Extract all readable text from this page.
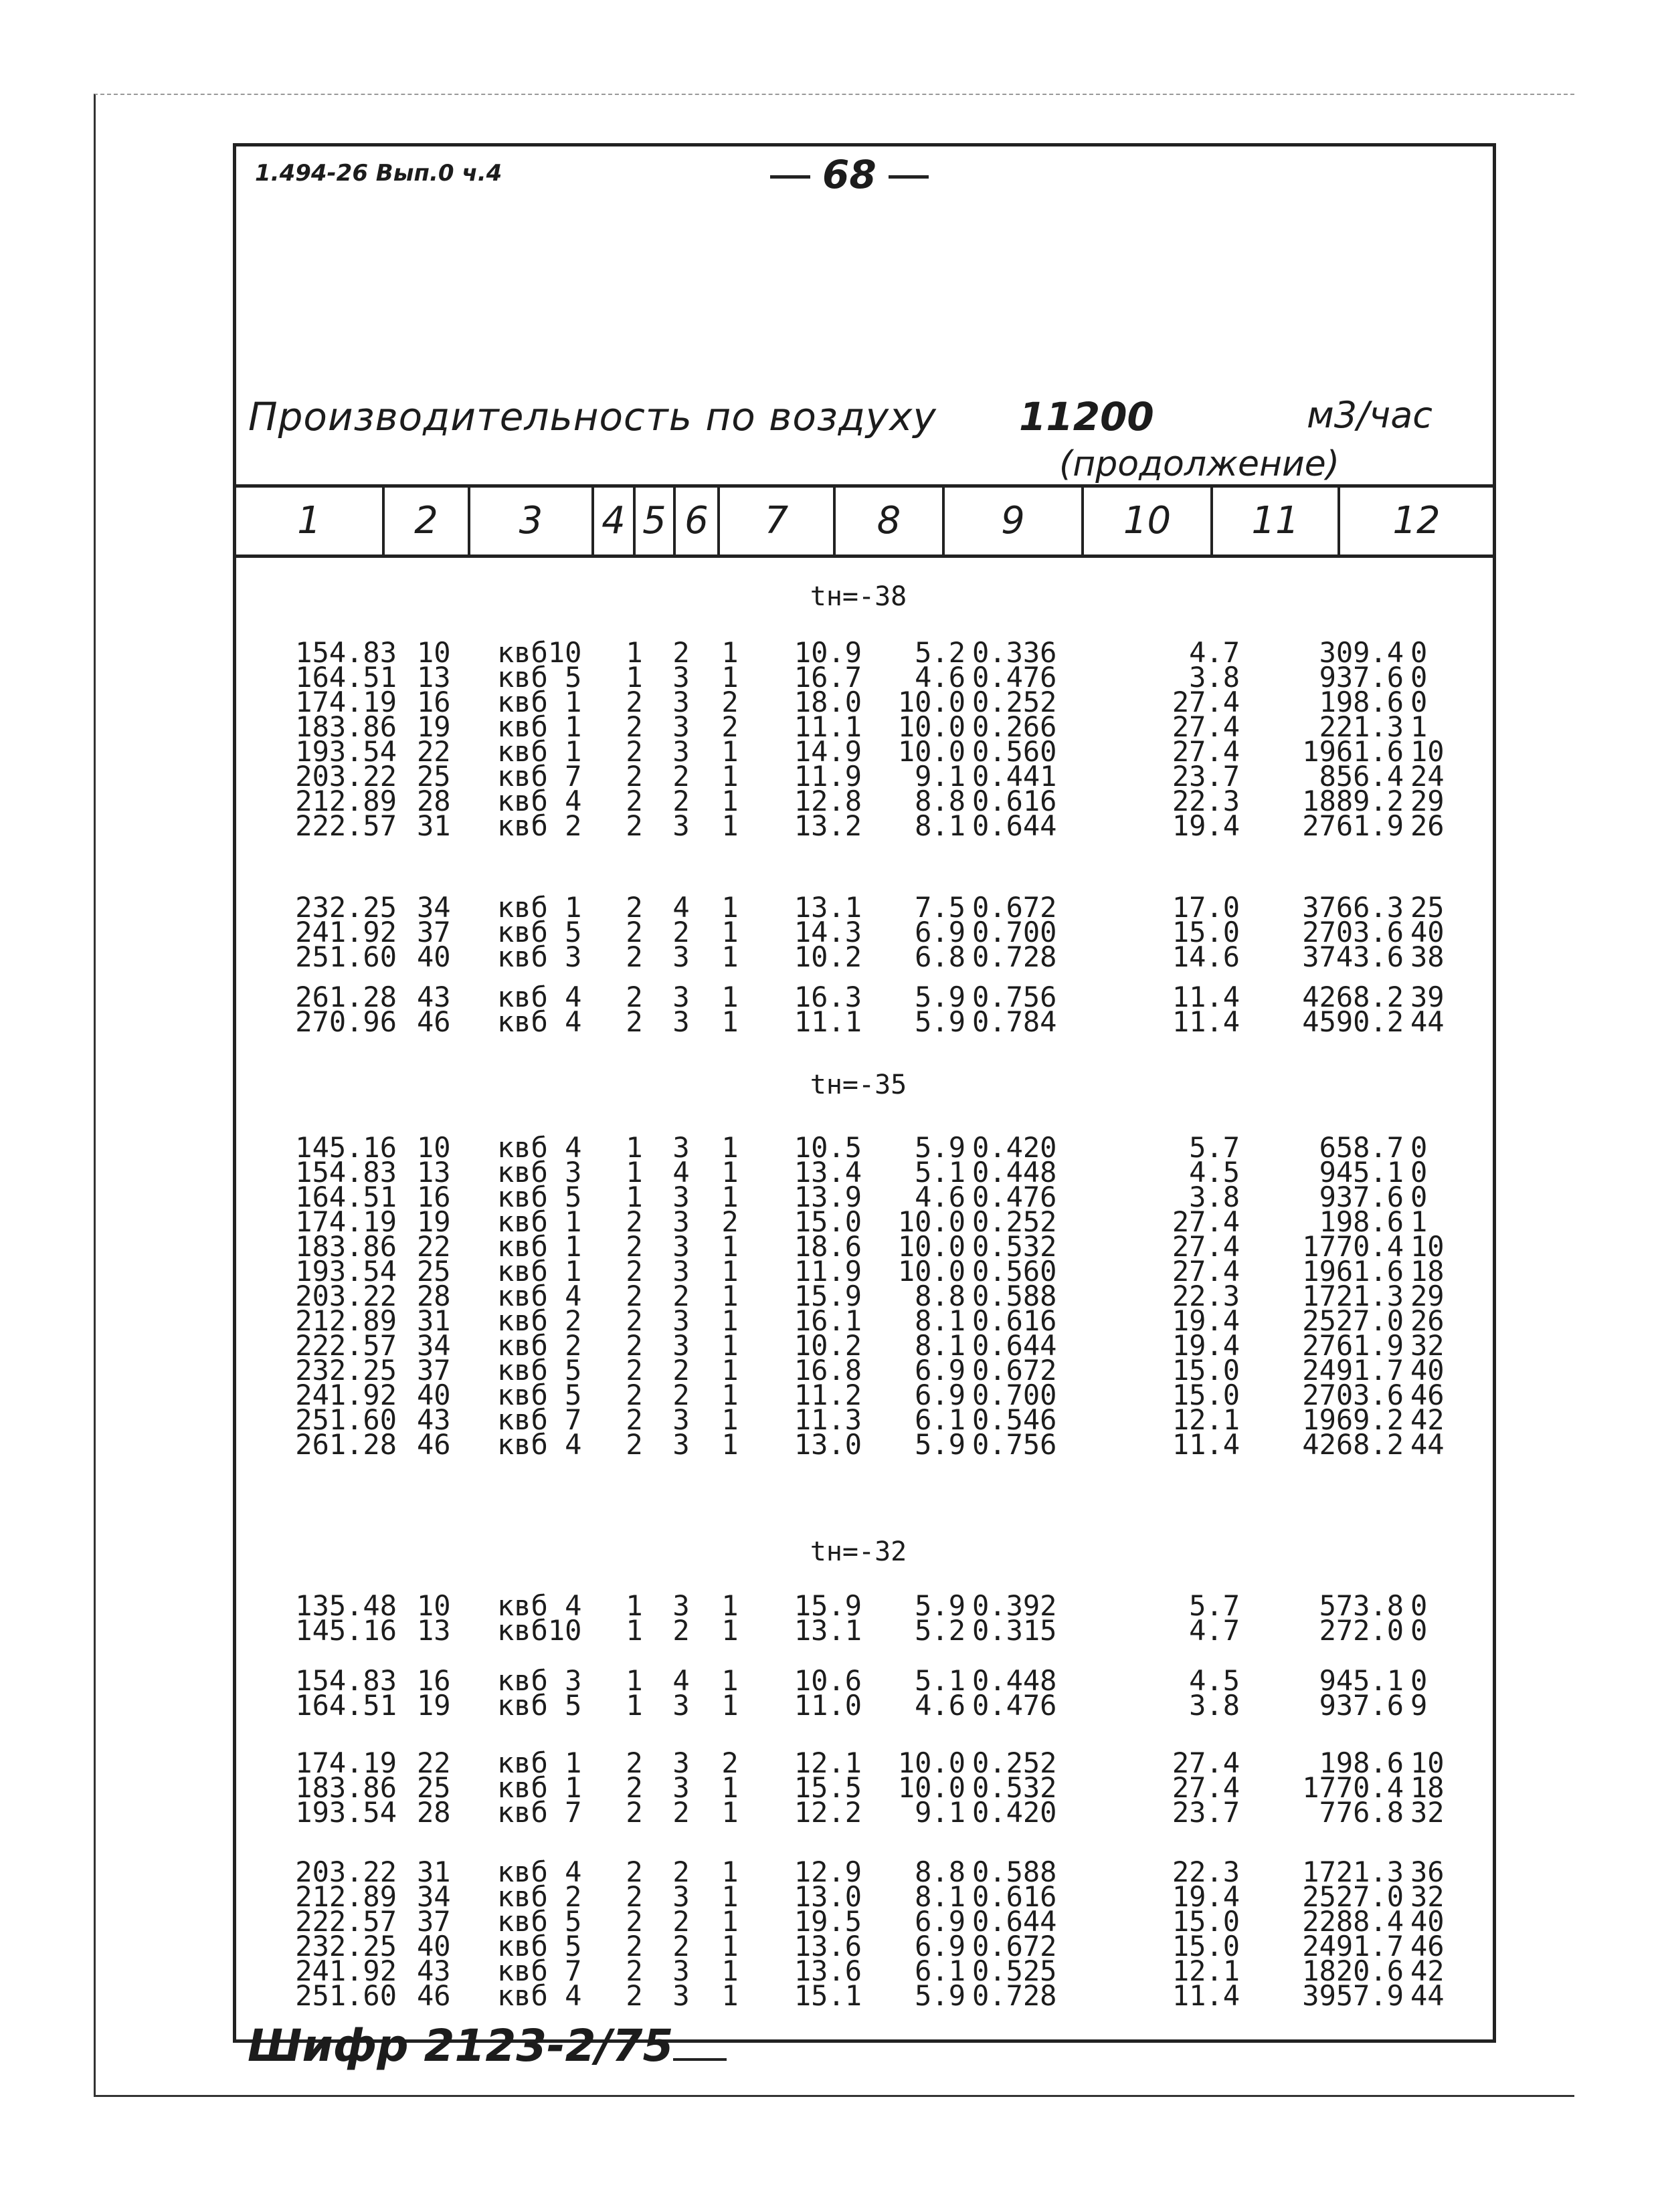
1.494-26 Вып.0 ч.4	68
Производительность по воздуху 11200	м3/час
(продолжение)
1	2	3	4 5 6	7	8	9	10	11	12
tн=-38
154.83 10	квб10	1 2 1	10.9	5.2 0.336	4.7	309.4 0
164.51 13	квб 5	1 3 1	16.7	4.6 0.476	3.8	937.6 0
174.19 16	квб 1	2 3 2	18.0	10.0 0.252	27.4	198.6 0
183.86 19	квб 1	2 3 2	11.1	10.0 0.266	27.4	221.3 1
193.54 22	квб 1	2 3 1	14.9	10.0 0.560	27.4	1961.6 10
203.22 25	квб 7	2 2 1	11.9	9.1 0.441	23.7	856.4 24
212.89 28	квб 4	2 2 1	12.8	8.8 0.616	22.3	1889.2 29
222.57 31	квб 2	2 3 1	13.2	8.1 0.644	19.4	2761.9 26
232.25 34	квб 1	2 4 1	13.1	7.5 0.672	17.0	3766.3 25
241.92 37	квб 5	2 2 1	14.3	6.9 0.700	15.0	2703.6 40
251.60 40	квб 3	2 3 1	10.2	6.8 0.728	14.6	3743.6 38
261.28 43	квб 4	2 3 1	16.3	5.9 0.756	11.4	4268.2 39
270.96 46	квб 4	2 3 1	11.1	5.9 0.784	11.4	4590.2 44
tн=-35
145.16 10	квб 4	1 3 1	10.5	5.9 0.420	5.7	658.7 0
154.83 13	квб 3	1 4 1	13.4	5.1 0.448	4.5	945.1 0
164.51 16	квб 5	1 3 1	13.9	4.6 0.476	3.8	937.6 0
174.19 19	квб 1	2 3 2	15.0	10.0 0.252	27.4	198.6 1
183.86 22	квб 1	2 3 1	18.6	10.0 0.532	27.4	1770.4 10
193.54 25	квб 1	2 3 1	11.9	10.0 0.560	27.4	1961.6 18
203.22 28	квб 4	2 2 1	15.9	8.8 0.588	22.3	1721.3 29
212.89 31	квб 2	2 3 1	16.1	8.1 0.616	19.4	2527.0 26
222.57 34	квб 2	2 3 1	10.2	8.1 0.644	19.4	2761.9 32
232.25 37	квб 5	2 2 1	16.8	6.9 0.672	15.0	2491.7 40
241.92 40	квб 5	2 2 1	11.2	6.9 0.700	15.0	2703.6 46
251.60 43	квб 7	2 3 1	11.3	6.1 0.546	12.1	1969.2 42
261.28 46	квб 4	2 3 1	13.0	5.9 0.756	11.4	4268.2 44
tн=-32
135.48 10	квб 4	1 3 1	15.9	5.9 0.392	5.7	573.8 0
145.16 13	квб10	1 2 1	13.1	5.2 0.315	4.7	272.0 0
154.83 16	квб 3	1 4 1	10.6	5.1 0.448	4.5	945.1 0
164.51 19	квб 5	1 3 1	11.0	4.6 0.476	3.8	937.6 9
174.19 22	квб 1	2 3 2	12.1	10.0 0.252	27.4	198.6 10
183.86 25	квб 1	2 3 1	15.5	10.0 0.532	27.4	1770.4 18
193.54 28	квб 7	2 2 1	12.2	9.1 0.420	23.7	776.8 32
203.22 31	квб 4	2 2 1	12.9	8.8 0.588	22.3	1721.3 36
212.89 34	квб 2	2 3 1	13.0	8.1 0.616	19.4	2527.0 32
222.57 37	квб 5	2 2 1	19.5	6.9 0.644	15.0	2288.4 40
232.25 40	квб 5	2 2 1	13.6	6.9 0.672	15.0	2491.7 46
241.92 43	квб 7	2 3 1	13.6	6.1 0.525	12.1	1820.6 42
251.60 46	квб 4	2 3 1	15.1	5.9 0.728	11.4	3957.9 44
Шифр 2123-2/75
